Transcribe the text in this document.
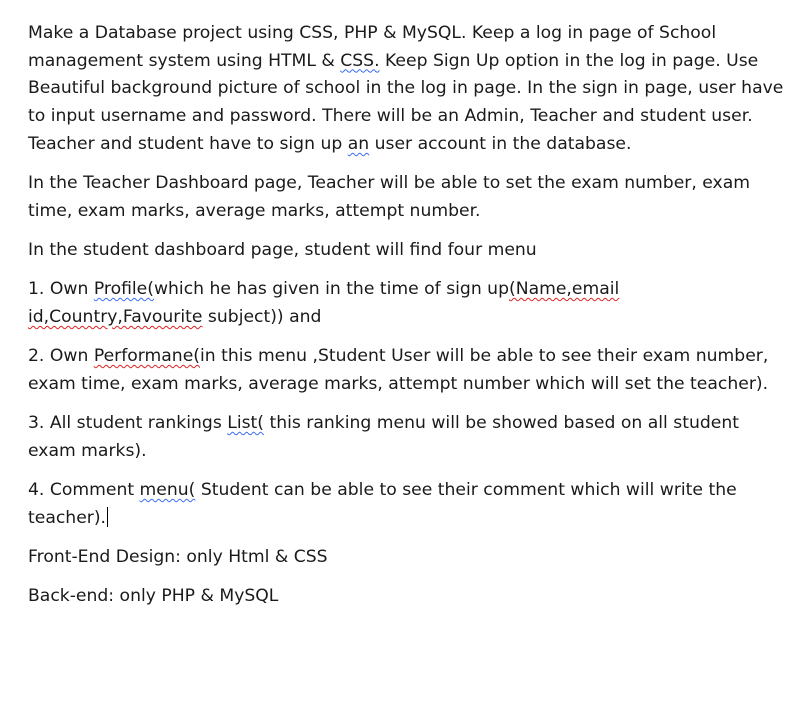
Make a Database project using CSS, PHP & MySQL. Keep a log in page of School management system using HTML & CSS. Keep Sign Up option in the log in page. Use Beautiful background picture of school in the log in page. In the sign in page, user have to input username and password. There will be an Admin, Teacher and student user. Teacher and student have to sign up an user account in the database.

In the Teacher Dashboard page, Teacher will be able to set the exam number, exam time, exam marks, average marks, attempt number.

In the student dashboard page, student will find four menu

1. Own Profile(which he has given in the time of sign up(Name,email id,Country,Favourite subject)) and

2. Own Performane(in this menu ,Student User will be able to see their exam number, exam time, exam marks, average marks, attempt number which will set the teacher).

3. All student rankings List( this ranking menu will be showed based on all student exam marks).

4. Comment menu( Student can be able to see their comment which will write the teacher).

Front-End Design: only Html & CSS

Back-end: only PHP & MySQL
